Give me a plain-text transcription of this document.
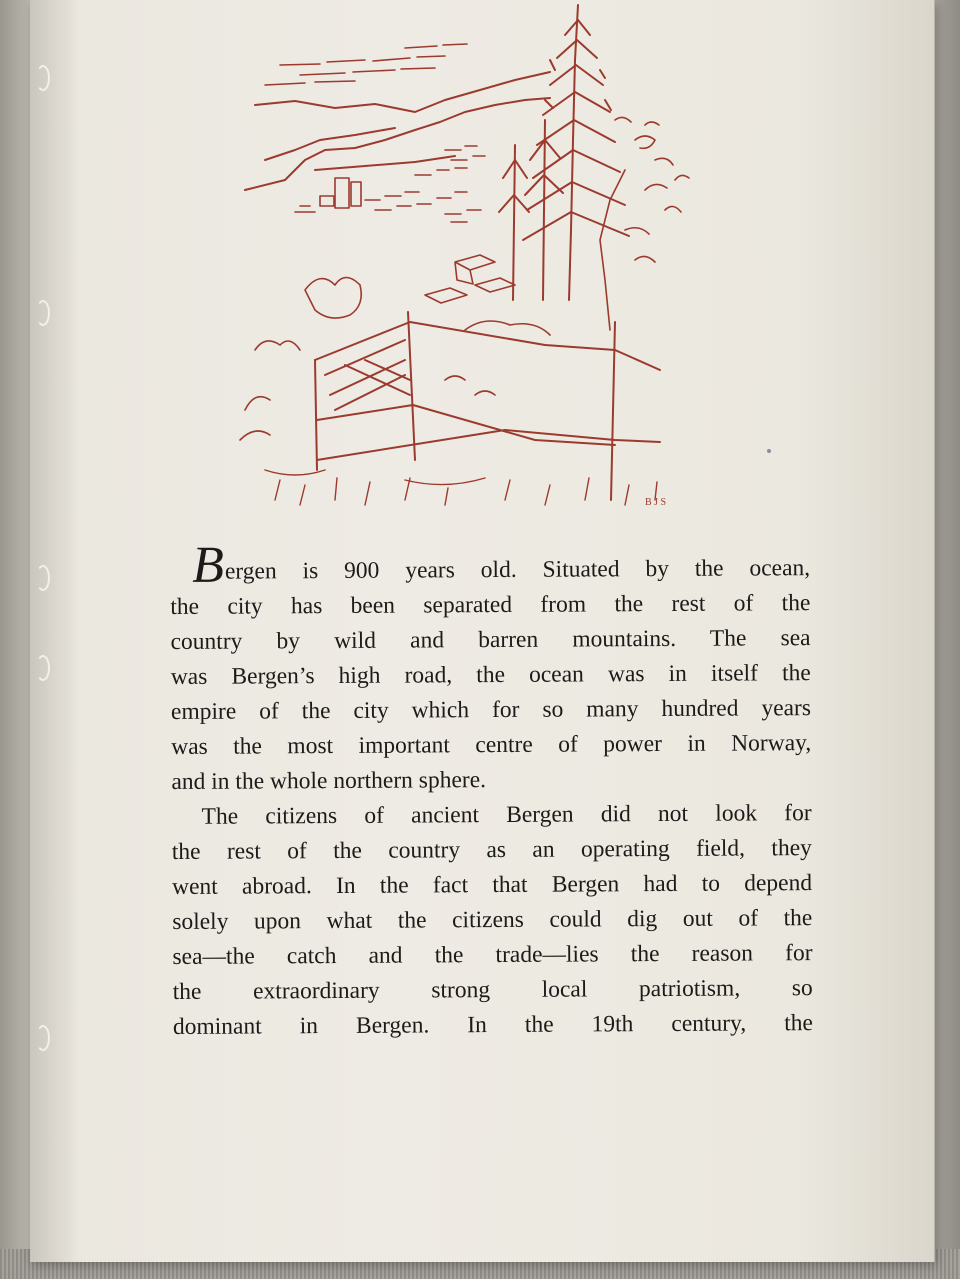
B J S

Bergen is 900 years old. Situated by the ocean,
the city has been separated from the rest of the
country by wild and barren mountains. The sea
was Bergen’s high road, the ocean was in itself the
empire of the city which for so many hundred years
was the most important centre of power in Norway,
and in the whole northern sphere.

The citizens of ancient Bergen did not look for
the rest of the country as an operating field, they
went abroad. In the fact that Bergen had to depend
solely upon what the citizens could dig out of the
sea—the catch and the trade—lies the reason for
the extraordinary strong local patriotism, so
dominant in Bergen. In the 19th century, the
